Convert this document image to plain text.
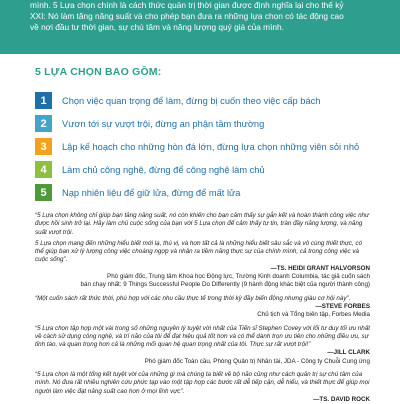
mình. 5 Lựa chọn chính là cách thức quản trị thời gian được định nghĩa lại cho thế kỷ
XXI: Nó làm tăng năng suất và cho phép bạn đưa ra những lựa chọn có tác động cao
về nơi đầu tư thời gian, sự chú tâm và năng lượng quý giá của mình.
5 LỰA CHỌN BAO GỒM:
1	Chọn việc quan trọng để làm, đừng bị cuốn theo việc cấp bách
2	Vươn tới sự vượt trội, đừng an phận tầm thường
3	Lập kế hoạch cho những hòn đá lớn, đừng lựa chọn những viên sỏi nhỏ
4	Làm chủ công nghệ, đừng để công nghệ làm chủ
5	Nạp nhiên liệu để giữ lửa, đừng để mất lửa

“5 Lựa chọn không chỉ giúp bạn tăng năng suất, nó còn khiến cho bạn cảm thấy sự gắn kết và hoàn thành công việc như được hồi sinh trở lại. Hãy làm chủ cuộc sống của bạn với 5 Lựa chọn để cảm thấy tự tin, tràn đầy năng lượng, và năng suất vượt trội.

5 Lựa chọn mang đến những hiểu biết mới lạ, thú vị, và hơn tất cả là những hiểu biết sâu sắc và vô cùng thiết thực, có thể giúp bạn xử lý lượng công việc choáng ngợp và nhận ra tiềm năng thực sự của chính mình, cả trong công việc và cuộc sống”.

—TS. HEIDI GRANT HALVORSON

Phó giám đốc, Trung tâm Khoa học Động lực, Trường Kinh doanh Columbia, tác giả cuốn sách

bán chạy nhất: 9 Things Successful People Do Differently (9 hành động khác biệt của người thành công)

“Một cuốn sách rất thức thời, phù hợp với các nhu cầu thực tế trong thời kỳ đầy biến động nhưng giàu cơ hội này”.

—STEVE FORBES

Chủ tịch và Tổng biên tập, Forbes Media

“5 Lựa chọn tập hợp một vài trong số những nguyên lý tuyệt vời nhất của Tiến sĩ Stephen Covey với lối tư duy tối ưu nhất về cách sử dụng công nghệ, và trí não của tôi để đạt hiệu quả tốt hơn và có thể dành trọn ưu tiên cho những điều ưu, sự tỉnh táo, và quan trọng hơn cả là những mối quan hệ quan trọng nhất của tôi. Thực sự rất vượt trội!”

—JILL CLARK

Phó giám đốc Toàn cầu, Phòng Quản trị Nhân tài, JDA - Công ty Chuỗi Cung ứng

“5 Lựa chọn là một tổng kết tuyệt vời của những gì mà chúng ta biết về bộ não cũng như cách quản trị sự chú tâm của mình. Nó đưa rất nhiều nghiên cứu phức tạp vào một tập hợp các bước rất dễ tiếp cận, dễ hiểu, và thiết thực để giúp mọi người làm việc đạt năng suất cao hơn ở mọi lĩnh vực”.

—TS. DAVID ROCK
